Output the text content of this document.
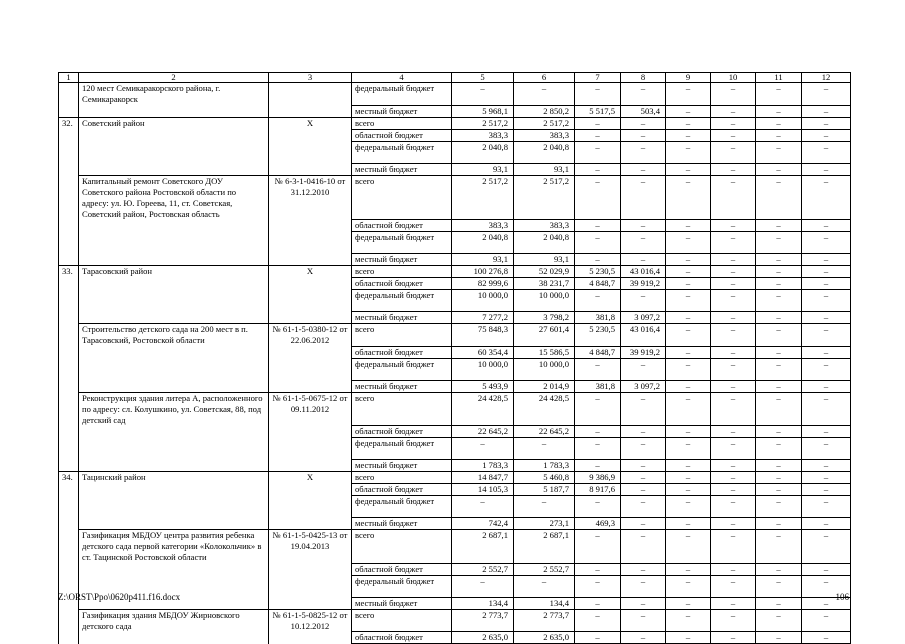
1	2	3	4	5	6	7	8	9	10	11	12
	120 мест Семикаракорского района, г. Семикаракорск		федеральный бюджет	–	–	–	–	–	–	–	–
			местный бюджет	5 968,1	2 850,2	5 517,5	503,4	–	–	–	–
32.	Советский район	Х	всего	2 517,2	2 517,2	–	–	–	–	–	–
			областной бюджет	383,3	383,3	–	–	–	–	–	–
			федеральный бюджет	2 040,8	2 040,8	–	–	–	–	–	–
			местный бюджет	93,1	93,1	–	–	–	–	–	–
	Капитальный ремонт Советского ДОУ Советского района Ростовской области по адресу: ул. Ю. Гореева, 11, ст. Советская, Советский район, Ростовская область	№ 6-3-1-0416-10 от 31.12.2010	всего	2 517,2	2 517,2	–	–	–	–	–	–
			областной бюджет	383,3	383,3	–	–	–	–	–	–
			федеральный бюджет	2 040,8	2 040,8	–	–	–	–	–	–
			местный бюджет	93,1	93,1	–	–	–	–	–	–
33.	Тарасовский район	Х	всего	100 276,8	52 029,9	5 230,5	43 016,4	–	–	–	–
			областной бюджет	82 999,6	38 231,7	4 848,7	39 919,2	–	–	–	–
			федеральный бюджет	10 000,0	10 000,0	–	–	–	–	–	–
			местный бюджет	7 277,2	3 798,2	381,8	3 097,2	–	–	–	–
	Строительство детского сада на 200 мест в п. Тарасовский, Ростовской области	№ 61-1-5-0380-12 от 22.06.2012	всего	75 848,3	27 601,4	5 230,5	43 016,4	–	–	–	–
			областной бюджет	60 354,4	15 586,5	4 848,7	39 919,2	–	–	–	–
			федеральный бюджет	10 000,0	10 000,0	–	–	–	–	–	–
			местный бюджет	5 493,9	2 014,9	381,8	3 097,2	–	–	–	–
	Реконструкция здания литера А, расположенного по адресу: сл. Колушкино, ул. Советская, 88, под детский сад	№ 61-1-5-0675-12 от 09.11.2012	всего	24 428,5	24 428,5	–	–	–	–	–	–
			областной бюджет	22 645,2	22 645,2	–	–	–	–	–	–
			федеральный бюджет	–	–	–	–	–	–	–	–
			местный бюджет	1 783,3	1 783,3	–	–	–	–	–	–
34.	Тацинский район	Х	всего	14 847,7	5 460,8	9 386,9	–	–	–	–	–
			областной бюджет	14 105,3	5 187,7	8 917,6	–	–	–	–	–
			федеральный бюджет	–	–	–	–	–	–	–	–
			местный бюджет	742,4	273,1	469,3	–	–	–	–	–
	Газификация МБДОУ центра развития ребенка детского сада первой категории «Колокольчик» в ст. Тацинской Ростовской области	№ 61-1-5-0425-13 от 19.04.2013	всего	2 687,1	2 687,1	–	–	–	–	–	–
			областной бюджет	2 552,7	2 552,7	–	–	–	–	–	–
			федеральный бюджет	–	–	–	–	–	–	–	–
			местный бюджет	134,4	134,4	–	–	–	–	–	–
	Газификация здания МБДОУ Жирновского детского сада	№ 61-1-5-0825-12 от 10.12.2012	всего	2 773,7	2 773,7	–	–	–	–	–	–
			областной бюджет	2 635,0	2 635,0	–	–	–	–	–	–
Z:\ORST\Ppo\0620p411.f16.docx	106
